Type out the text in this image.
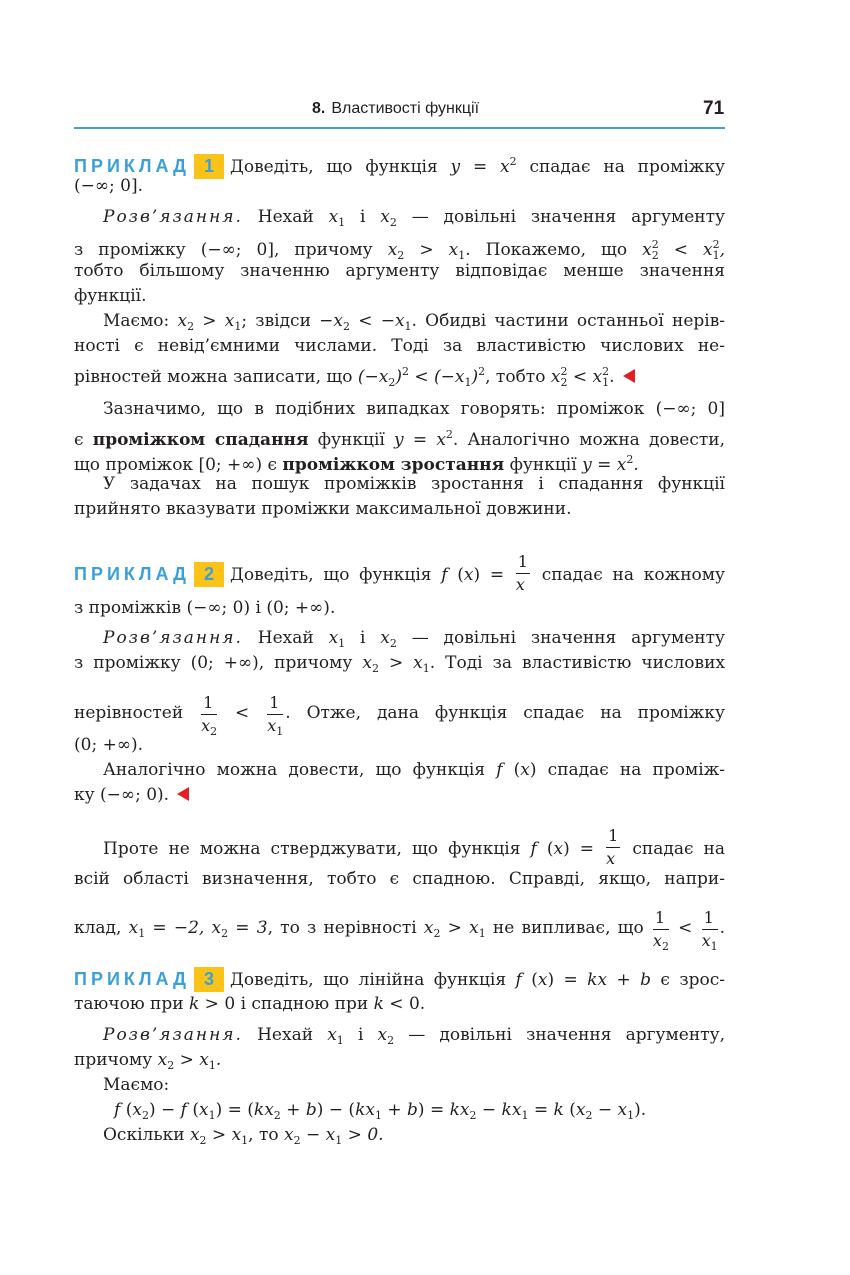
8. Властивості функції	71
ПРИКЛАД 1 Доведіть, що функція $y = x^2$ спадає на проміжку
(−∞; 0].
Розв’язання. Нехай $x_1$ і $x_2$ — довільні значення аргументу
з проміжку (−∞; 0], причому $x_2 > x_1$. Покажемо, що $x^2_2 < x^2_1$,
тобто більшому значенню аргументу відповідає менше значення
функції.
Маємо: $x_2 > x_1$; звідси $-x_2 < -x_1$. Обидві частини останньої нерів-
ності є невід’ємними числами. Тоді за властивістю числових не-
рівностей можна записати, що $(-x_2)^2 < (-x_1)^2$, тобто $x^2_2 < x^2_1$.
Зазначимо, що в подібних випадках говорять: проміжок (−∞; 0]
є проміжком спадання функції $y = x^2$. Аналогічно можна довести,
що проміжок [0; +∞) є проміжком зростання функції $y = x^2$.
У задачах на пошук проміжків зростання і спадання функції
прийнято вказувати проміжки максимальної довжини.
ПРИКЛАД 2 Доведіть, що функція f $(x) = \frac{1}{x}$ спадає на кожному
з проміжків (−∞; 0) і (0; +∞).
Розв’язання. Нехай $x_1$ і $x_2$ — довільні значення аргументу
з проміжку (0; +∞), причому $x_2 > x_1$. Тоді за властивістю числових
нерівностей $\frac{1}{x_2} < \frac{1}{x_1}$ . Отже, дана функція спадає на проміжку
(0; +∞).
Аналогічно можна довести, що функція f (x) спадає на проміж-
ку (−∞; 0).
Проте не можна стверджувати, що функція f $(x) = \frac{1}{x}$ спадає на
всій області визначення, тобто є спадною. Справді, якщо, напри-
клад, $x_1 = -2$, $x_2 = 3$, то з нерівності $x_2 > x_1$ не випливає, що $\frac{1}{x_2} < \frac{1}{x_1}$ .
ПРИКЛАД 3 Доведіть, що лінійна функція f (x) = kx + b є зрос-
таючою при k > 0 і спадною при k < 0.
Розв’язання. Нехай $x_1$ і $x_2$ — довільні значення аргументу,
причому $x_2 > x_1$.
Маємо:
f $(x_2) - f$ $(x_1) = (kx_2 + b) - (kx_1 + b) = kx_2 - kx_1 = k$ $(x_2 - x_1)$.
Оскільки $x_2 > x_1$, то $x_2 - x_1 > 0$.
